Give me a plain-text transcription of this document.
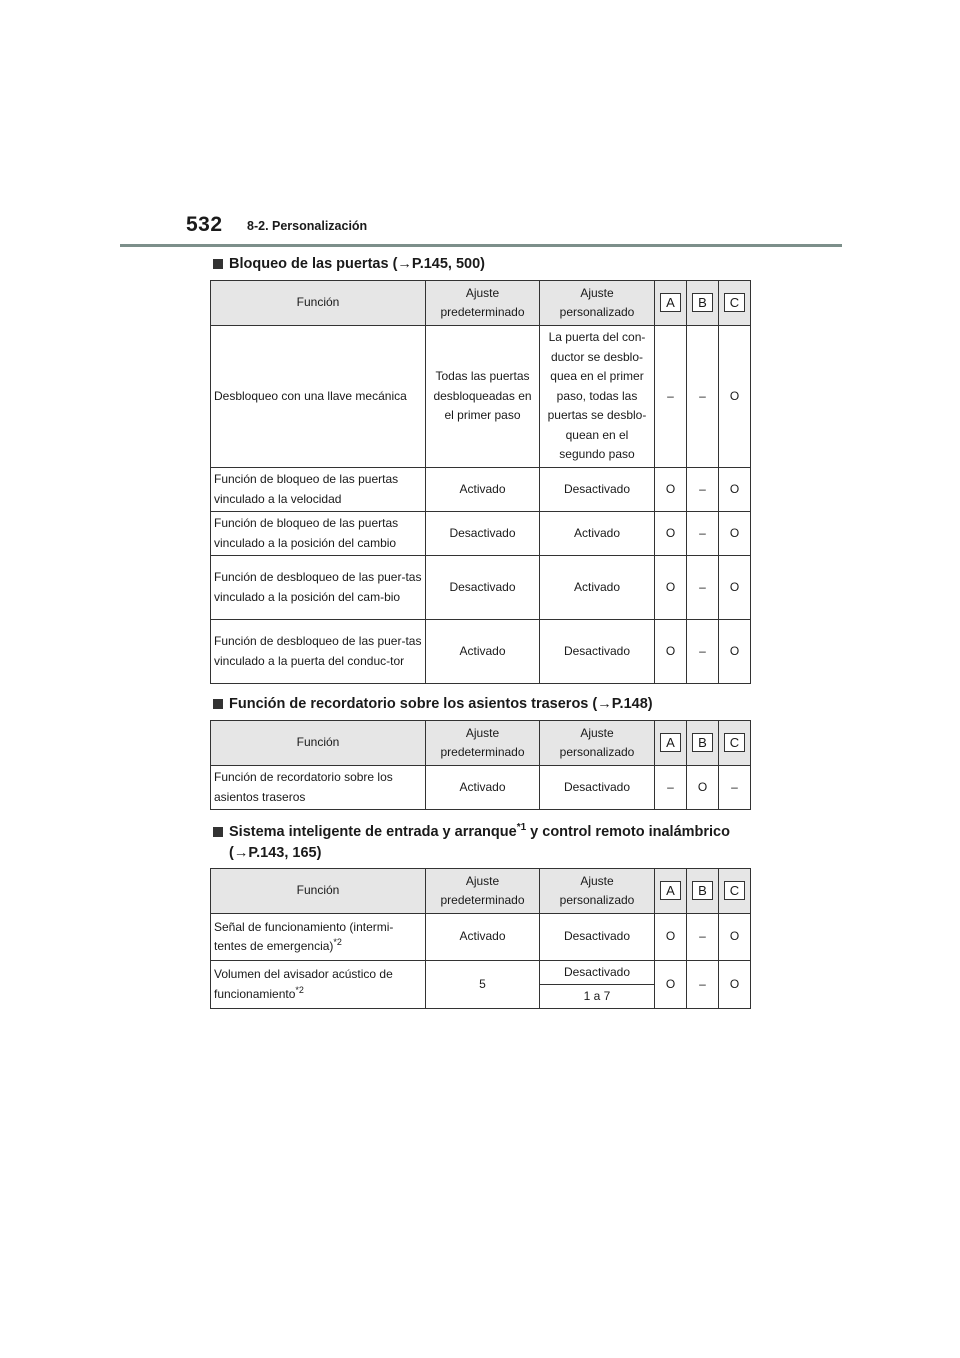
532 8-2. Personalización
Bloqueo de las puertas (→P.145, 500)
Función	Ajuste predeterminado	Ajuste personalizado	A	B	C
Desbloqueo con una llave mecánica	Todas las puertas desbloqueadas en el primer paso	La puerta del con-ductor se desblo-quea en el primer paso, todas las puertas se desblo-quean en el segundo paso	–	–	O
Función de bloqueo de las puertas vinculado a la velocidad	Activado	Desactivado	O	–	O
Función de bloqueo de las puertas vinculado a la posición del cambio	Desactivado	Activado	O	–	O
Función de desbloqueo de las puer-tas vinculado a la posición del cam-bio	Desactivado	Activado	O	–	O
Función de desbloqueo de las puer-tas vinculado a la puerta del conduc-tor	Activado	Desactivado	O	–	O
Función de recordatorio sobre los asientos traseros (→P.148)
Función	Ajuste predeterminado	Ajuste personalizado	A	B	C
Función de recordatorio sobre los asientos traseros	Activado	Desactivado	–	O	–
Sistema inteligente de entrada y arranque$^{*1}$ y control remoto inalámbrico
(→P.143, 165)
Función	Ajuste predeterminado	Ajuste personalizado	A	B	C
Señal de funcionamiento (intermi-tentes de emergencia)$^{*2}$	Activado	Desactivado	O	–	O
Volumen del avisador acústico de funcionamiento$^{*2}$	5	Desactivado	O	–	O
		1 a 7			
